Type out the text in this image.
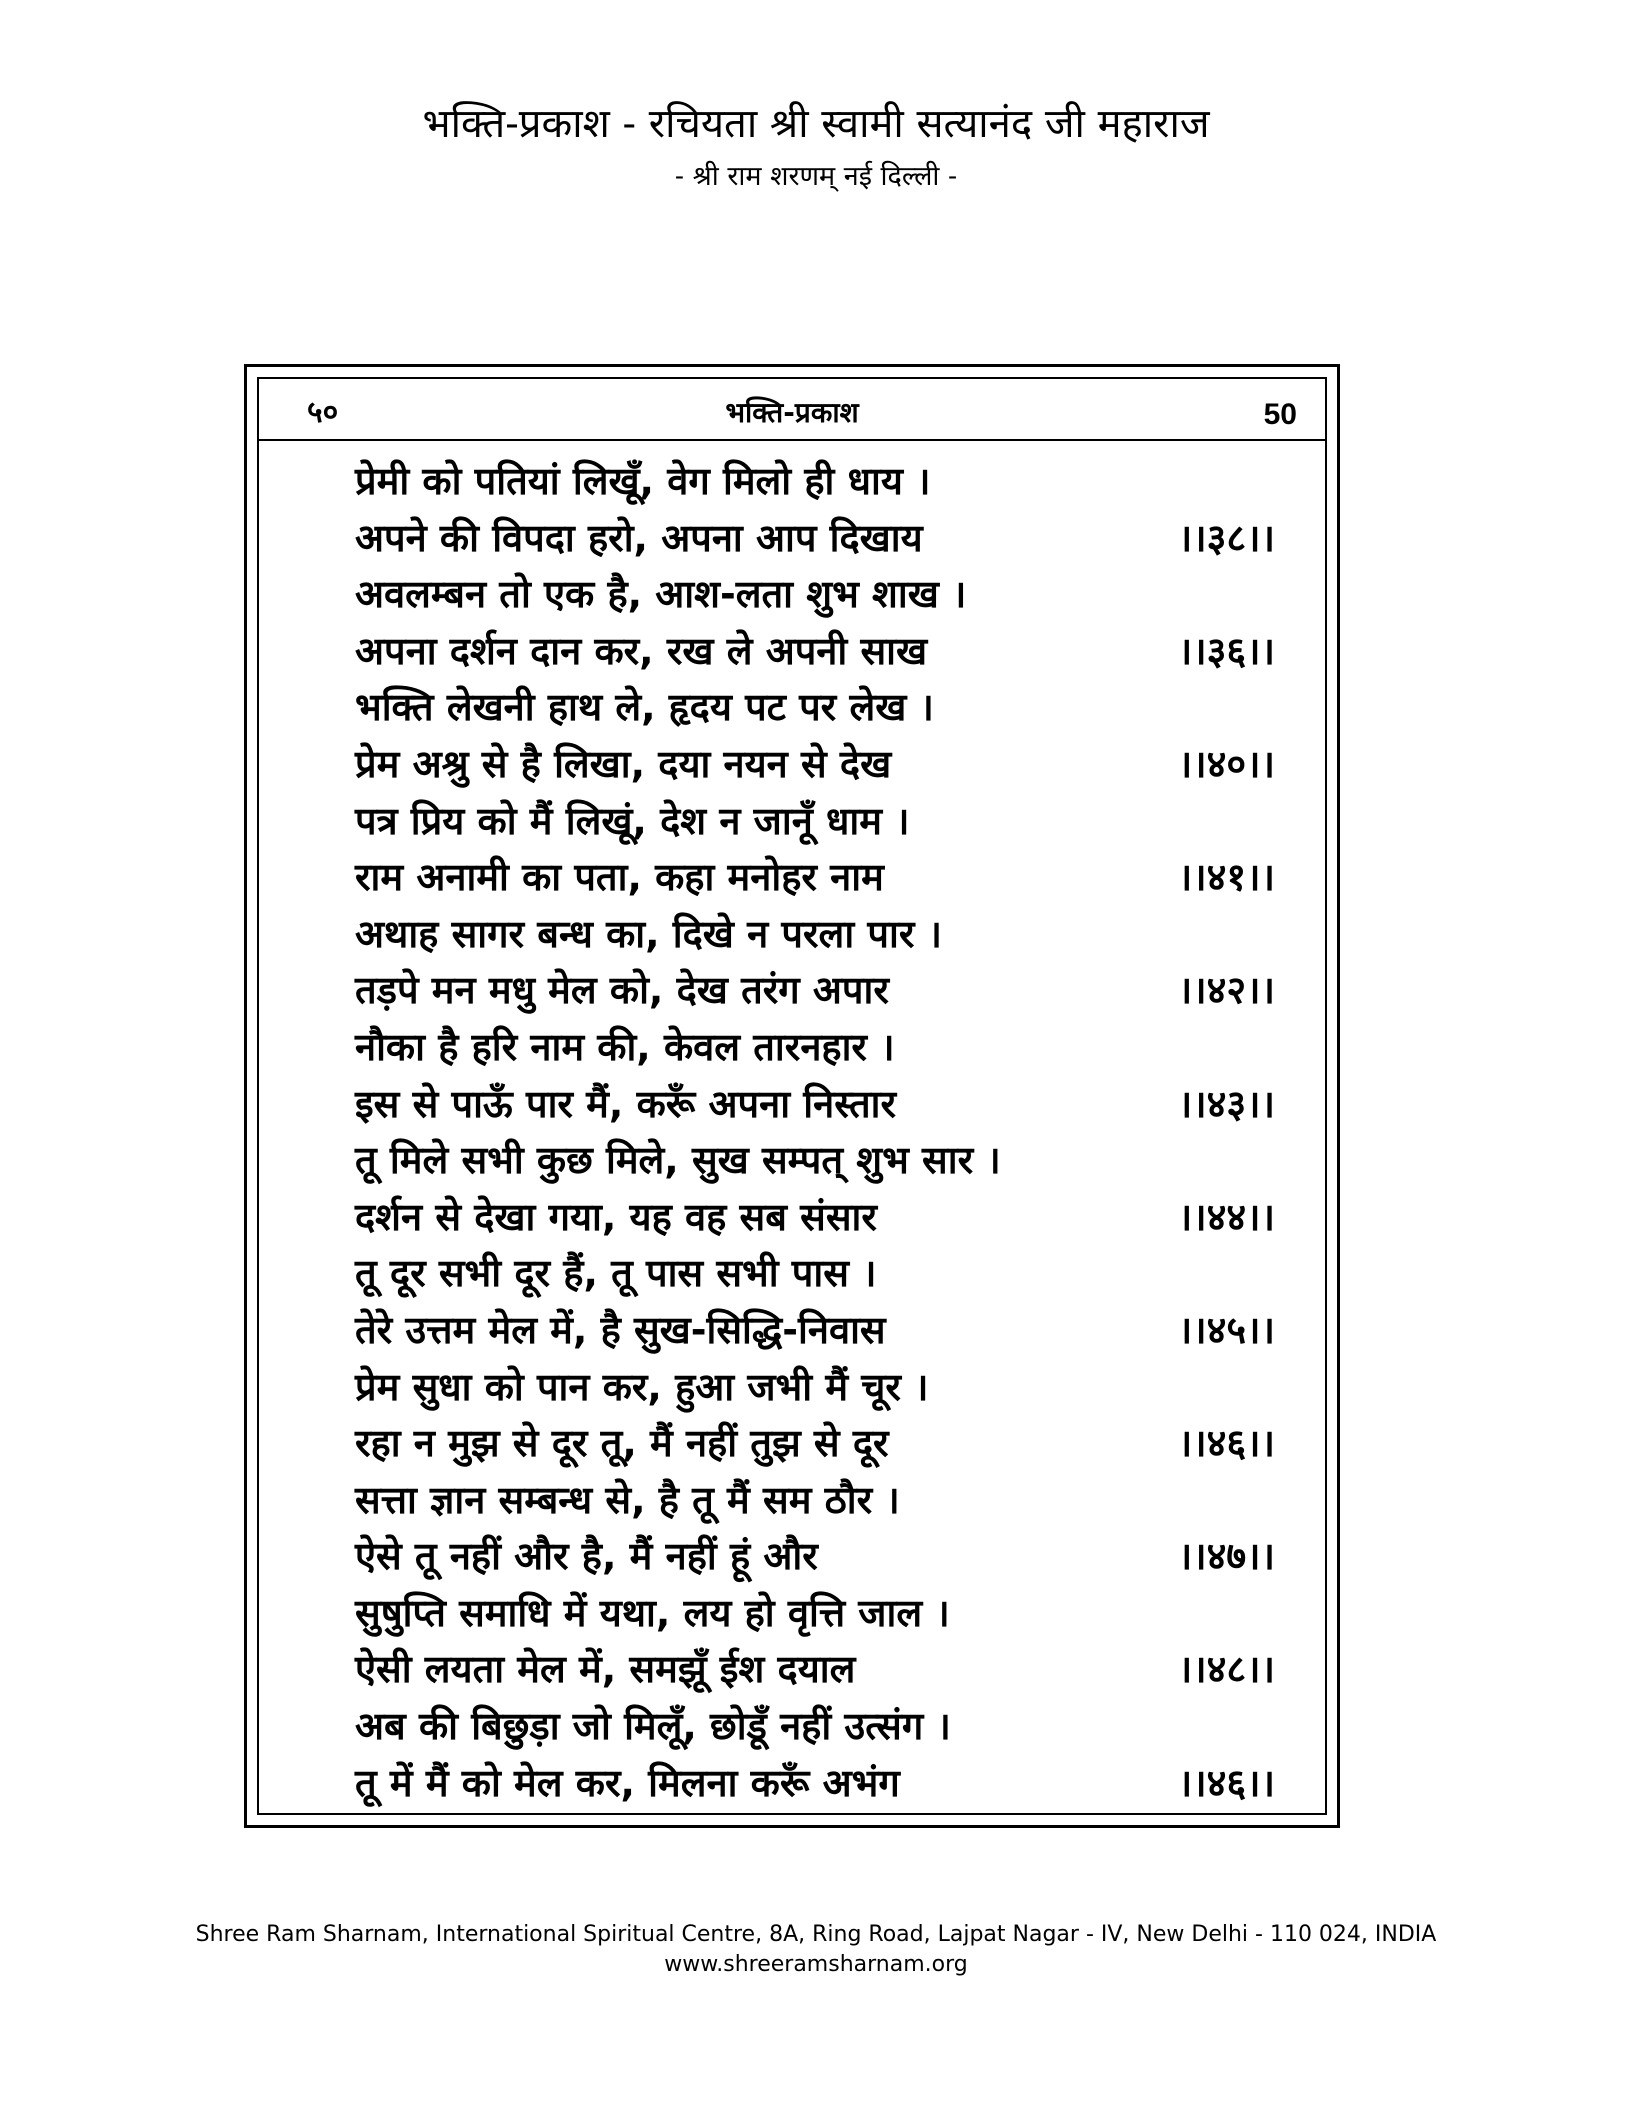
भक्ति-प्रकाश - रचियता श्री स्वामी सत्यानंद जी महाराज
- श्री राम शरणम् नई दिल्ली -
५०	भक्ति-प्रकाश	50
प्रेमी को पतियां लिखूँ, वेग मिलो ही धाय ।
अपने की विपदा हरो, अपना आप दिखाय	।।३८।।
अवलम्बन तो एक है, आश-लता शुभ शाख ।
अपना दर्शन दान कर, रख ले अपनी साख	।।३६।।
भक्ति लेखनी हाथ ले, हृदय पट पर लेख ।
प्रेम अश्रु से है लिखा, दया नयन से देख	।।४०।।
पत्र प्रिय को मैं लिखूं, देश न जानूँ धाम ।
राम अनामी का पता, कहा मनोहर नाम	।।४१।।
अथाह सागर बन्ध का, दिखे न परला पार ।
तड़पे मन मधु मेल को, देख तरंग अपार	।।४२।।
नौका है हरि नाम की, केवल तारनहार ।
इस से पाऊँ पार मैं, करूँ अपना निस्तार	।।४३।।
तू मिले सभी कुछ मिले, सुख सम्पत् शुभ सार ।
दर्शन से देखा गया, यह वह सब संसार	।।४४।।
तू दूर सभी दूर हैं, तू पास सभी पास ।
तेरे उत्तम मेल में, है सुख-सिद्धि-निवास	।।४५।।
प्रेम सुधा को पान कर, हुआ जभी मैं चूर ।
रहा न मुझ से दूर तू, मैं नहीं तुझ से दूर	।।४६।।
सत्ता ज्ञान सम्बन्ध से, है तू मैं सम ठौर ।
ऐसे तू नहीं और है, मैं नहीं हूं और	।।४७।।
सुषुप्ति समाधि में यथा, लय हो वृत्ति जाल ।
ऐसी लयता मेल में, समझूँ ईश दयाल	।।४८।।
अब की बिछुड़ा जो मिलूँ, छोडूँ नहीं उत्संग ।
तू में मैं को मेल कर, मिलना करूँ अभंग	।।४६।।
Shree Ram Sharnam, International Spiritual Centre, 8A, Ring Road, Lajpat Nagar - IV, New Delhi - 110 024, INDIA
www.shreeramsharnam.org
